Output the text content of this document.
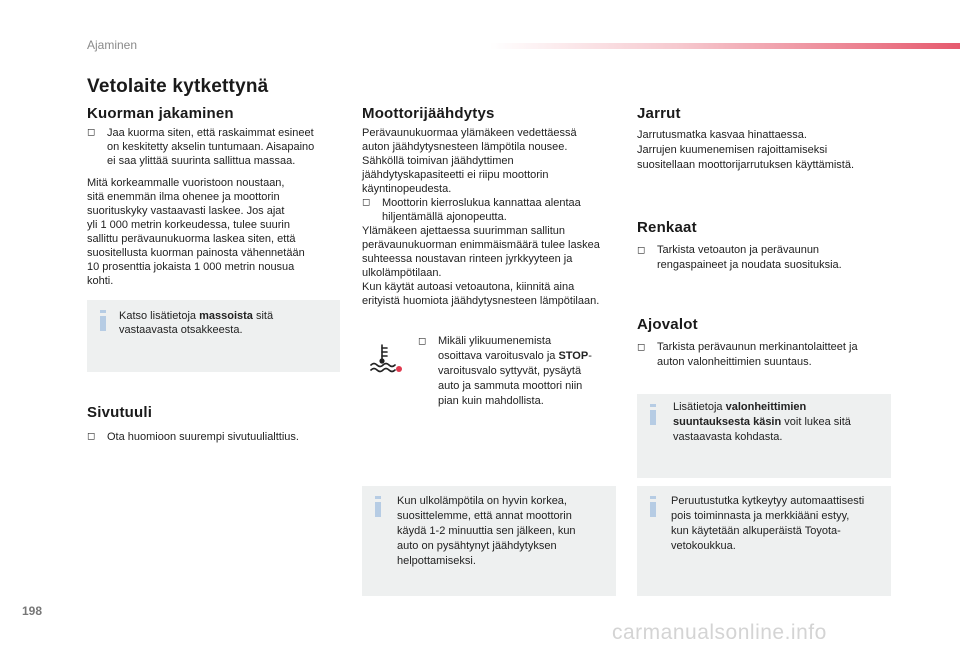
Ajaminen
Vetolaite kytkettynä
Kuorman jakaminen
◻	Jaa kuorma siten, että raskaimmat esineet
on keskitetty akselin tuntumaan. Aisapaino
ei saa ylittää suurinta sallittua massaa.
Mitä korkeammalle vuoristoon noustaan,
sitä enemmän ilma ohenee ja moottorin
suorituskyky vastaavasti laskee. Jos ajat
yli 1 000 metrin korkeudessa, tulee suurin
sallittu perävaunukuorma laskea siten, että
suositellusta kuorman painosta vähennetään
10 prosenttia jokaista 1 000 metrin nousua
kohti.
Katso lisätietoja massoista sitä
vastaavasta otsakkeesta.
Sivutuuli
◻	Ota huomioon suurempi sivutuulialttius.
Moottorijäähdytys
Perävaunukuormaa ylämäkeen vedettäessä
auton jäähdytysnesteen lämpötila nousee.
Sähköllä toimivan jäähdyttimen
jäähdytyskapasiteetti ei riipu moottorin
käyntinopeudesta.
◻	Moottorin kierroslukua kannattaa alentaa
hiljentämällä ajonopeutta.
Ylämäkeen ajettaessa suurimman sallitun
perävaunukuorman enimmäismäärä tulee laskea
suhteessa noustavan rinteen jyrkkyyteen ja
ulkolämpötilaan.
Kun käytät autoasi vetoautona, kiinnitä aina
erityistä huomiota jäähdytysnesteen lämpötilaan.
◻	Mikäli ylikuumenemista
osoittava varoitusvalo ja STOP-
varoitusvalo syttyvät, pysäytä
auto ja sammuta moottori niin
pian kuin mahdollista.
Kun ulkolämpötila on hyvin korkea,
suosittelemme, että annat moottorin
käydä 1-2 minuuttia sen jälkeen, kun
auto on pysähtynyt jäähdytyksen
helpottamiseksi.
Jarrut
Jarrutusmatka kasvaa hinattaessa.
Jarrujen kuumenemisen rajoittamiseksi
suositellaan moottorijarrutuksen käyttämistä.
Renkaat
◻	Tarkista vetoauton ja perävaunun
rengaspaineet ja noudata suosituksia.
Ajovalot
◻	Tarkista perävaunun merkinantolaitteet ja
auton valonheittimien suuntaus.
Lisätietoja valonheittimien
suuntauksesta käsin voit lukea sitä
vastaavasta kohdasta.
Peruutustutka kytkeytyy automaattisesti
pois toiminnasta ja merkkiääni estyy,
kun käytetään alkuperäistä Toyota-
vetokoukkua.
198
carmanualsonline.info
